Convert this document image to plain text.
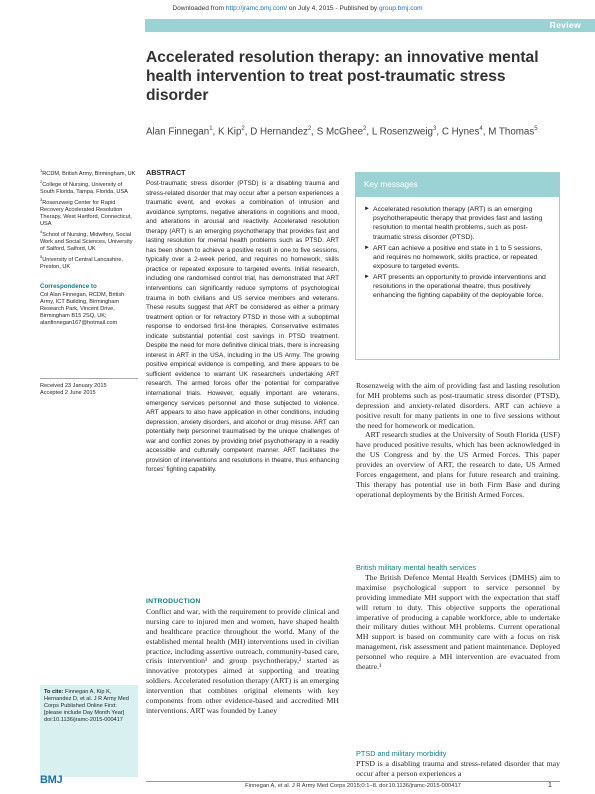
Downloaded from http://jramc.bmj.com/ on July 4, 2015 - Published by group.bmj.com
Review
Accelerated resolution therapy: an innovative mental health intervention to treat post-traumatic stress disorder
Alan Finnegan$^1$, K Kip$^2$, D Hernandez$^2$, S McGhee$^2$, L Rosenzweig$^3$, C Hynes$^4$, M Thomas$^5$

$^1$RCDM, British Army, Birmingham, UK

$^2$College of Nursing, University of South Florida, Tampa, Florida, USA

$^3$Rosenzweig Center for Rapid Recovery Accelerated Resolution Therapy, West Hartford, Connecticut, USA

$^4$School of Nursing, Midwifery, Social Work and Social Sciences, University of Salford, Salford, UK

$^5$University of Central Lancashire, Preston, UK

Correspondence to
Col Alan Finnegan, RCDM, British Army, ICT Building, Birmingham Research Park, Vincent Drive, Birmingham B15 2SQ, UK; alanfinnegan167@hotmail.com
Received 23 January 2015
Accepted 2 June 2015
ABSTRACT
Post-traumatic stress disorder (PTSD) is a disabling trauma and stress-related disorder that may occur after a person experiences a traumatic event, and evokes a combination of intrusion and avoidance symptoms, negative alterations in cognitions and mood, and alterations in arousal and reactivity. Accelerated resolution therapy (ART) is an emerging psychotherapy that provides fast and lasting resolution for mental health problems such as PTSD. ART has been shown to achieve a positive result in one to five sessions, typically over a 2-week period, and requires no homework, skills practice or repeated exposure to targeted events. Initial research, including one randomised control trial, has demonstrated that ART interventions can significantly reduce symptoms of psychological trauma in both civilians and US service members and veterans. These results suggest that ART be considered as either a primary treatment option or for refractory PTSD in those with a suboptimal response to endorsed first-line therapies. Conservative estimates indicate substantial potential cost savings in PTSD treatment. Despite the need for more definitive clinical trials, there is increasing interest in ART in the USA, including in the US Army. The growing positive empirical evidence is compelling, and there appears to be sufficient evidence to warrant UK researchers undertaking ART research. The armed forces offer the potential for comparative international trials. However, equally important are veterans, emergency services personnel and those subjected to violence. ART appears to also have application in other conditions, including depression, anxiety disorders, and alcohol or drug misuse. ART can potentially help personnel traumatised by the unique challenges of war and conflict zones by providing brief psychotherapy in a readily accessible and culturally competent manner. ART facilitates the provision of interventions and resolutions in theatre, thus enhancing forces' fighting capability.
Key messages
► Accelerated resolution therapy (ART) is an emerging psychotherapeutic therapy that provides fast and lasting resolution to mental health problems, such as post-traumatic stress disorder (PTSD).
► ART can achieve a positive end state in 1 to 5 sessions, and requires no homework, skills practice, or repeated exposure to targeted events.
► ART presents an opportunity to provide interventions and resolutions in the operational theatre, thus positively enhancing the fighting capability of the deployable force.

Rosenzweig with the aim of providing fast and lasting resolution for MH problems such as post-traumatic stress disorder (PTSD), depression and anxiety-related disorders. ART can achieve a positive result for many patients in one to five sessions without the need for homework or medication.

ART research studies at the University of South Florida (USF) have produced positive results, which has been acknowledged in the US Congress and by the US Armed Forces. This paper provides an overview of ART, the research to date, US Armed Forces engagement, and plans for future research and training. This therapy has potential use in both Firm Base and during operational deployments by the British Armed Forces.

British military mental health services
The British Defence Mental Health Services (DMHS) aim to maximise psychological support to service personnel by providing immediate MH support with the expectation that staff will return to duty. This objective supports the operational imperative of producing a capable workforce, able to undertake their military duties without MH problems. Current operational MH support is based on community care with a focus on risk management, risk assessment and patient maintenance. Deployed personnel who require a MH intervention are evacuated from theatre.³
PTSD and military morbidity
PTSD is a disabling trauma and stress-related disorder that may occur after a person experiences a
INTRODUCTION
Conflict and war, with the requirement to provide clinical and nursing care to injured men and women, have shaped health and healthcare practice throughout the world. Many of the established mental health (MH) interventions used in civilian practice, including assertive outreach, community-based care, crisis intervention¹ and group psychotherapy,² started as innovative prototypes aimed at supporting and treating soldiers. Accelerated resolution therapy (ART) is an emerging intervention that combines original elements with key components from other evidence-based and accredited MH interventions. ART was founded by Laney
To cite: Finnegan A, Kip K, Hernandez D, et al. J R Army Med Corps Published Online First: [please include Day Month Year] doi:10.1136/jramc-2015-000417
BMJ	Finnegan A, et al. J R Army Med Corps 2015;0:1–8. doi:10.1136/jramc-2015-000417	1
